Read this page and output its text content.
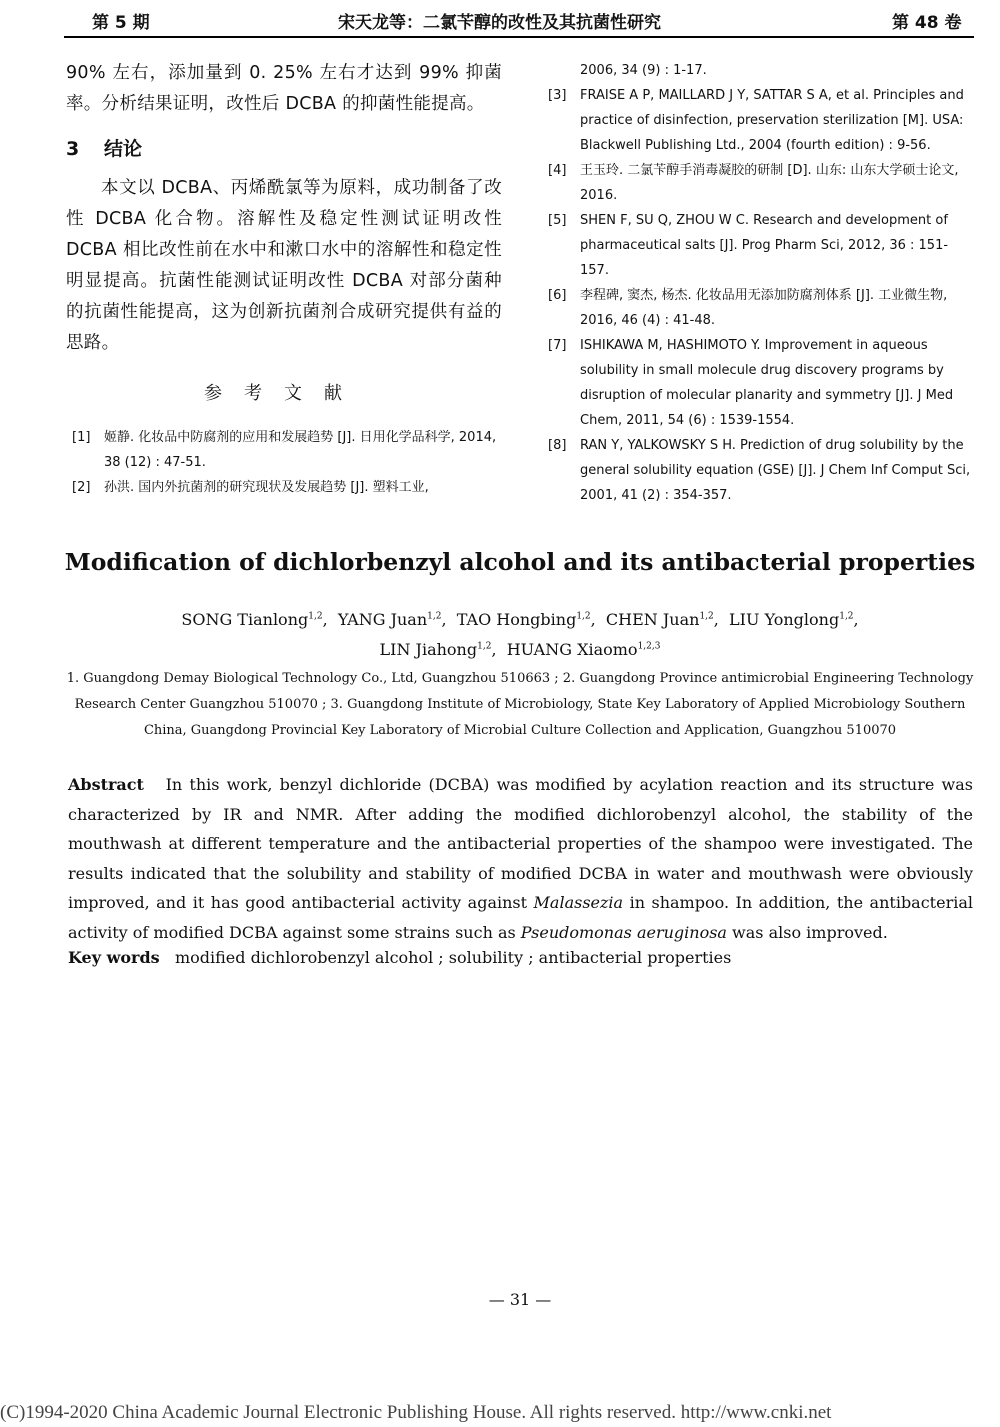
第 5 期	宋天龙等：二氯苄醇的改性及其抗菌性研究	第 48 卷

90% 左右，添加量到 0. 25% 左右才达到 99% 抑菌率。分析结果证明，改性后 DCBA 的抑菌性能提高。

3 结论

本文以 DCBA、丙烯酰氯等为原料，成功制备了改性 DCBA 化合物。溶解性及稳定性测试证明改性 DCBA 相比改性前在水中和漱口水中的溶解性和稳定性明显提高。抗菌性能测试证明改性 DCBA 对部分菌种的抗菌性能提高，这为创新抗菌剂合成研究提供有益的思路。

参考文献
[1] 姬静. 化妆品中防腐剂的应用和发展趋势 [J]. 日用化学品科学, 2014, 38 (12) : 47-51.
[2] 孙洪. 国内外抗菌剂的研究现状及发展趋势 [J]. 塑料工业,
2006, 34 (9) : 1-17.
[3] FRAISE A P, MAILLARD J Y, SATTAR S A, et al. Principles and practice of disinfection, preservation sterilization [M]. USA: Blackwell Publishing Ltd., 2004 (fourth edition) : 9-56.
[4] 王玉玲. 二氯苄醇手消毒凝胶的研制 [D]. 山东: 山东大学硕士论文, 2016.
[5] SHEN F, SU Q, ZHOU W C. Research and development of pharmaceutical salts [J]. Prog Pharm Sci, 2012, 36 : 151-157.
[6] 李程碑, 窦杰, 杨杰. 化妆品用无添加防腐剂体系 [J]. 工业微生物, 2016, 46 (4) : 41-48.
[7] ISHIKAWA M, HASHIMOTO Y. Improvement in aqueous solubility in small molecule drug discovery programs by disruption of molecular planarity and symmetry [J]. J Med Chem, 2011, 54 (6) : 1539-1554.
[8] RAN Y, YALKOWSKY S H. Prediction of drug solubility by the general solubility equation (GSE) [J]. J Chem Inf Comput Sci, 2001, 41 (2) : 354-357.
Modification of dichlorbenzyl alcohol and its antibacterial properties
SONG Tianlong$^{1,2}$,  YANG Juan$^{1,2}$,  TAO Hongbing$^{1,2}$,  CHEN Juan$^{1,2}$,  LIU Yonglong$^{1,2}$,
LIN Jiahong$^{1,2}$,  HUANG Xiaomo$^{1,2,3}$
1. Guangdong Demay Biological Technology Co., Ltd, Guangzhou 510663 ; 2. Guangdong Province antimicrobial Engineering Technology
Research Center Guangzhou 510070 ; 3. Guangdong Institute of Microbiology, State Key Laboratory of Applied Microbiology Southern
China, Guangdong Provincial Key Laboratory of Microbial Culture Collection and Application, Guangzhou 510070

Abstract In this work, benzyl dichloride (DCBA) was modified by acylation reaction and its structure was characterized by IR and NMR. After adding the modified dichlorobenzyl alcohol, the stability of the mouthwash at different temperature and the antibacterial properties of the shampoo were investigated. The results indicated that the solubility and stability of modified DCBA in water and mouthwash were obviously improved, and it has good antibacterial activity against Malassezia in shampoo. In addition, the antibacterial activity of modified DCBA against some strains such as Pseudomonas aeruginosa was also improved.

Key words modified dichlorobenzyl alcohol ; solubility ; antibacterial properties

— 31 —
(C)1994-2020 China Academic Journal Electronic Publishing House. All rights reserved. http://www.cnki.net
